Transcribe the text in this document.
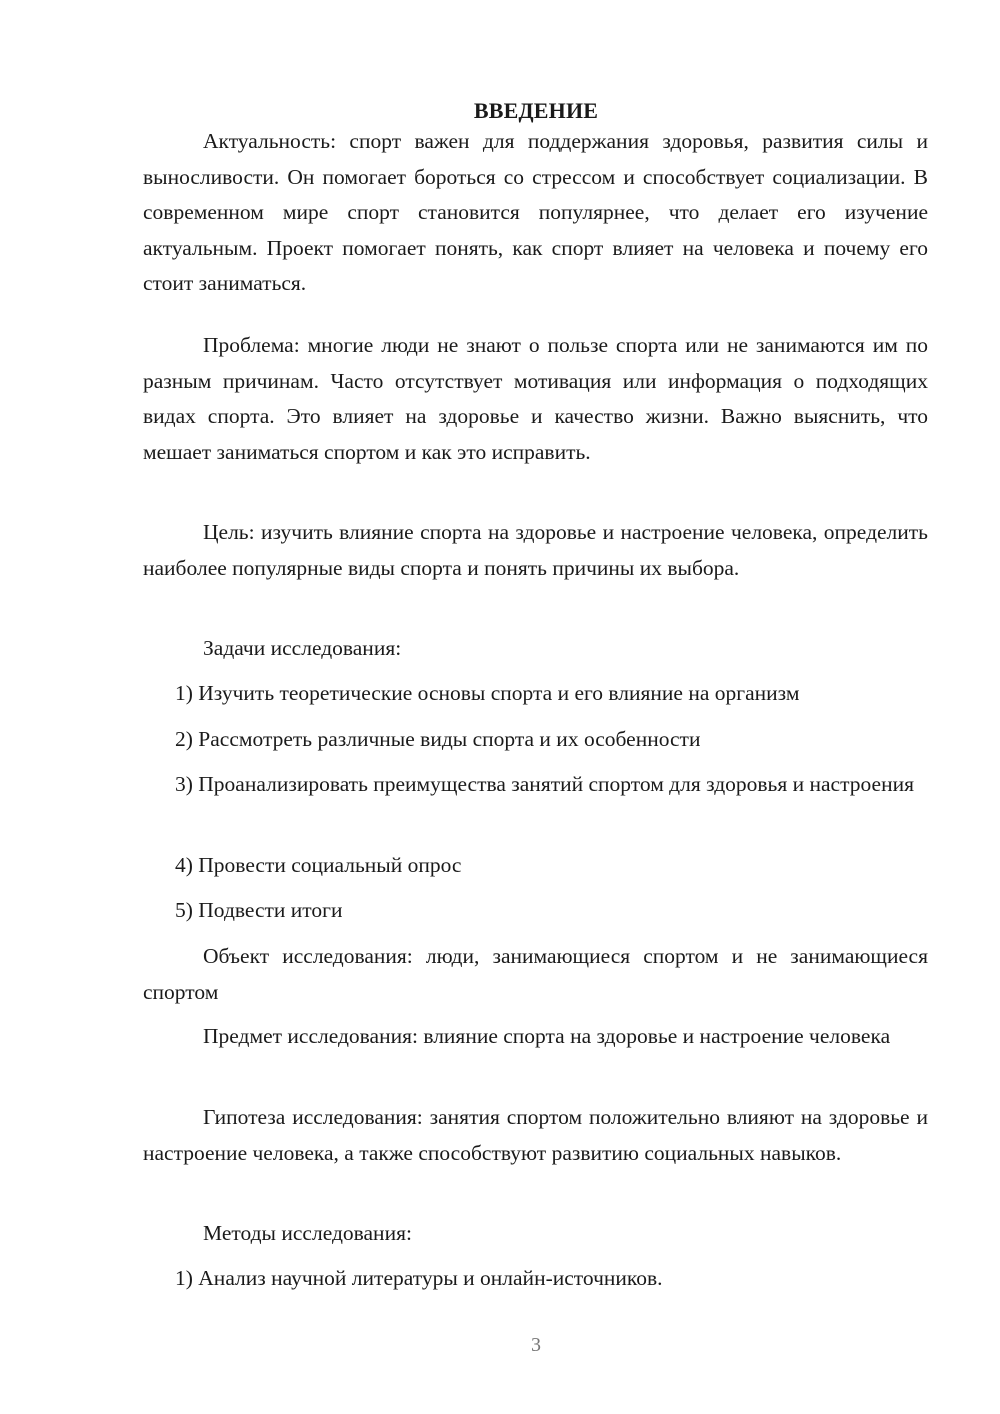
ВВЕДЕНИЕ

Актуальность: спорт важен для поддержания здоровья, развития силы и выносливости. Он помогает бороться со стрессом и способствует социализации. В современном мире спорт становится популярнее, что делает его изучение актуальным. Проект помогает понять, как спорт влияет на человека и почему его стоит заниматься.

Проблема: многие люди не знают о пользе спорта или не занимаются им по разным причинам. Часто отсутствует мотивация или информация о подходящих видах спорта. Это влияет на здоровье и качество жизни. Важно выяснить, что мешает заниматься спортом и как это исправить.

Цель: изучить влияние спорта на здоровье и настроение человека, определить наиболее популярные виды спорта и понять причины их выбора.

Задачи исследования:

1) Изучить теоретические основы спорта и его влияние на организм

2) Рассмотреть различные виды спорта и их особенности

3) Проанализировать преимущества занятий спортом для здоровья и настроения

4) Провести социальный опрос

5) Подвести итоги

Объект исследования: люди, занимающиеся спортом и не занимающиеся спортом

Предмет исследования: влияние спорта на здоровье и настроение человека

Гипотеза исследования: занятия спортом положительно влияют на здоровье и настроение человека, а также способствуют развитию социальных навыков.

Методы исследования:

1) Анализ научной литературы и онлайн-источников.

3
